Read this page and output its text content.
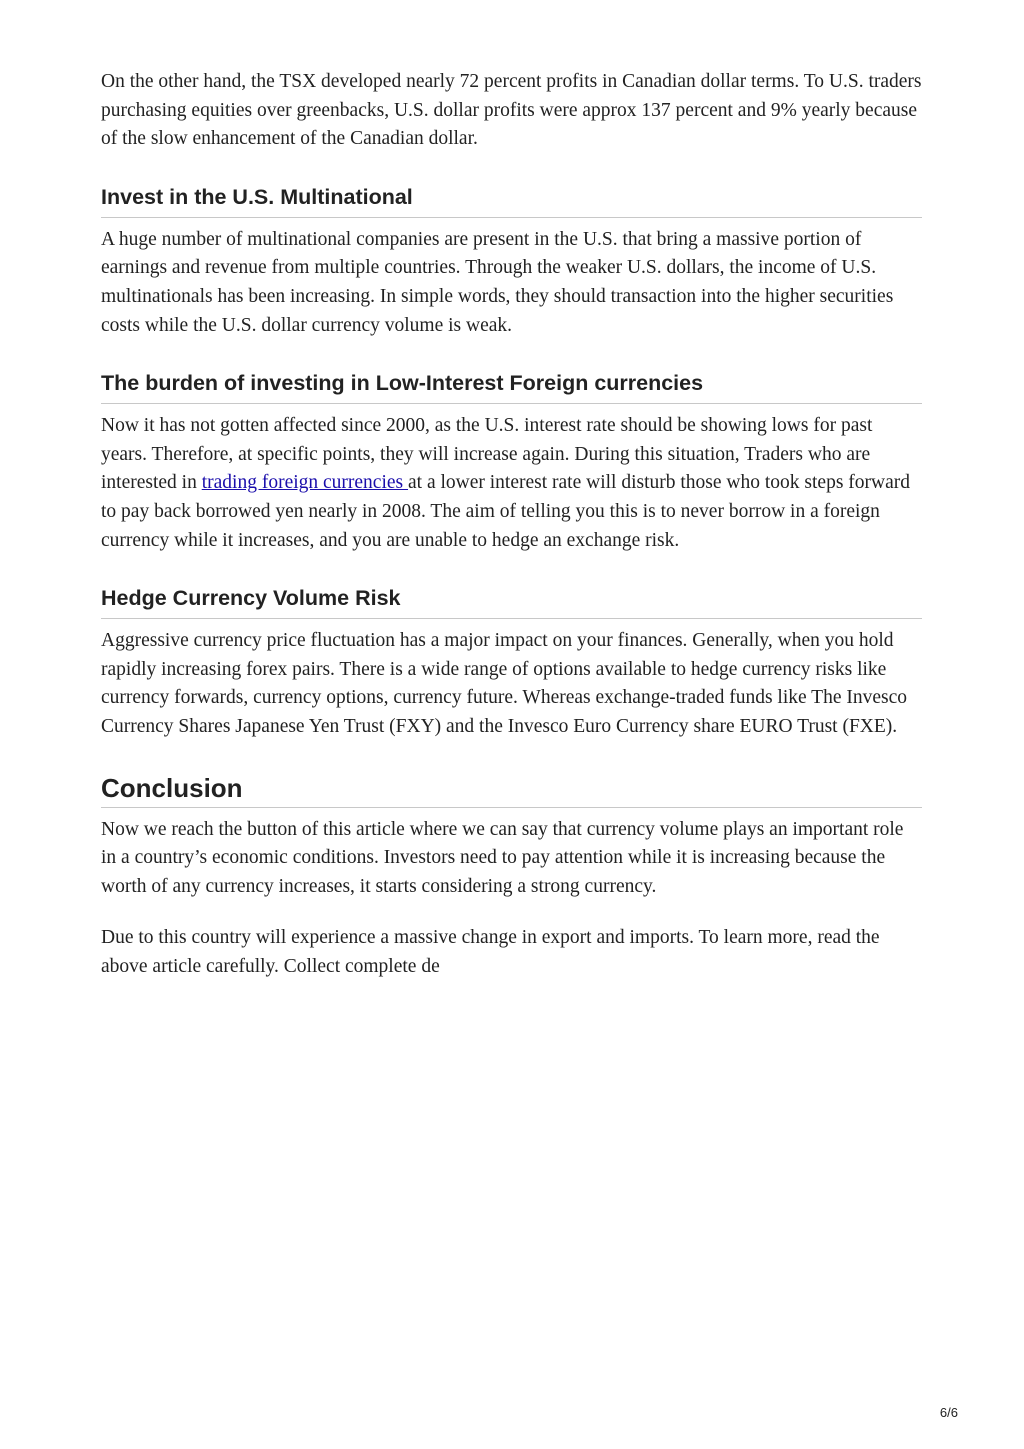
On the other hand, the TSX developed nearly 72 percent profits in Canadian dollar terms. To U.S. traders purchasing equities over greenbacks, U.S. dollar profits were approx 137 percent and 9% yearly because of the slow enhancement of the Canadian dollar.

Invest in the U.S. Multinational

A huge number of multinational companies are present in the U.S. that bring a massive portion of earnings and revenue from multiple countries. Through the weaker U.S. dollars, the income of U.S. multinationals has been increasing. In simple words, they should transaction into the higher securities costs while the U.S. dollar currency volume is weak.

The burden of investing in Low-Interest Foreign currencies

Now it has not gotten affected since 2000, as the U.S. interest rate should be showing lows for past years. Therefore, at specific points, they will increase again. During this situation, Traders who are interested in trading foreign currencies at a lower interest rate will disturb those who took steps forward to pay back borrowed yen nearly in 2008. The aim of telling you this is to never borrow in a foreign currency while it increases, and you are unable to hedge an exchange risk.

Hedge Currency Volume Risk

Aggressive currency price fluctuation has a major impact on your finances. Generally, when you hold rapidly increasing forex pairs. There is a wide range of options available to hedge currency risks like currency forwards, currency options, currency future. Whereas exchange-traded funds like The Invesco Currency Shares Japanese Yen Trust (FXY) and the Invesco Euro Currency share EURO Trust (FXE).

Conclusion

Now we reach the button of this article where we can say that currency volume plays an important role in a country’s economic conditions. Investors need to pay attention while it is increasing because the worth of any currency increases, it starts considering a strong currency.

Due to this country will experience a massive change in export and imports. To learn more, read the above article carefully. Collect complete de

6/6
